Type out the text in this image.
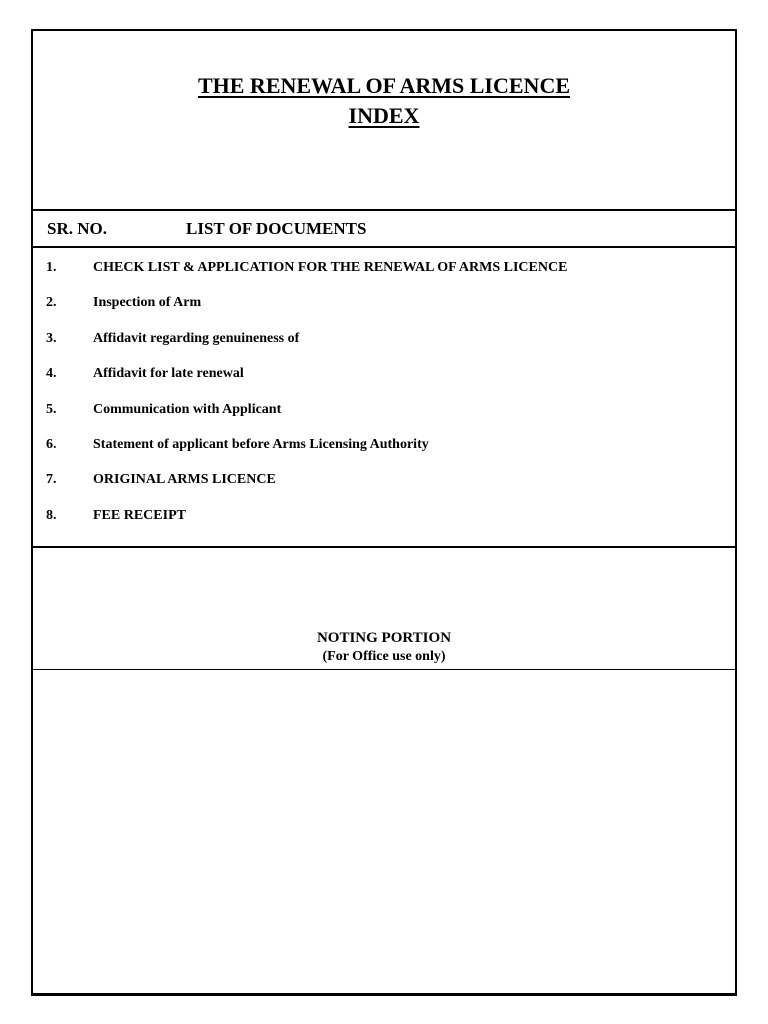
THE RENEWAL OF ARMS LICENCE
INDEX
SR. NO.	LIST OF DOCUMENTS
1.	CHECK LIST & APPLICATION FOR THE RENEWAL OF ARMS LICENCE
2.	Inspection of Arm
3.	Affidavit regarding genuineness of
4.	Affidavit for late renewal
5.	Communication with Applicant
6.	Statement of applicant before Arms Licensing Authority
7.	ORIGINAL ARMS LICENCE
8.	FEE RECEIPT
NOTING PORTION
(For Office use only)
